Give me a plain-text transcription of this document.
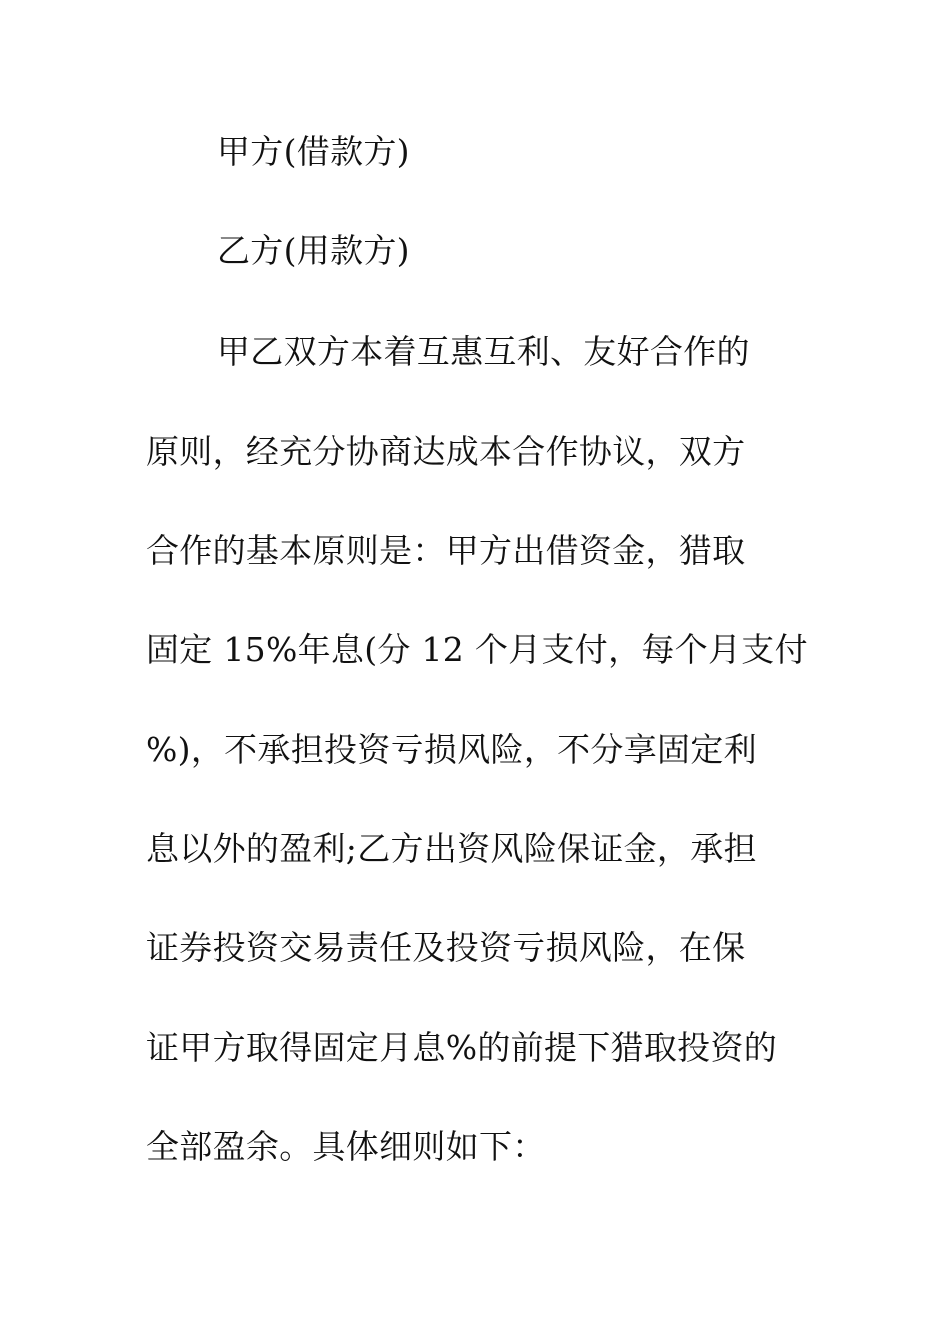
甲方(借款方)
乙方(用款方)
甲乙双方本着互惠互利、友好合作的
原则，经充分协商达成本合作协议，双方
合作的基本原则是：甲方出借资金，猎取
固定 15%年息(分 12 个月支付，每个月支付
%)，不承担投资亏损风险，不分享固定利
息以外的盈利;乙方出资风险保证金，承担
证券投资交易责任及投资亏损风险，在保
证甲方取得固定月息%的前提下猎取投资的
全部盈余。具体细则如下：
